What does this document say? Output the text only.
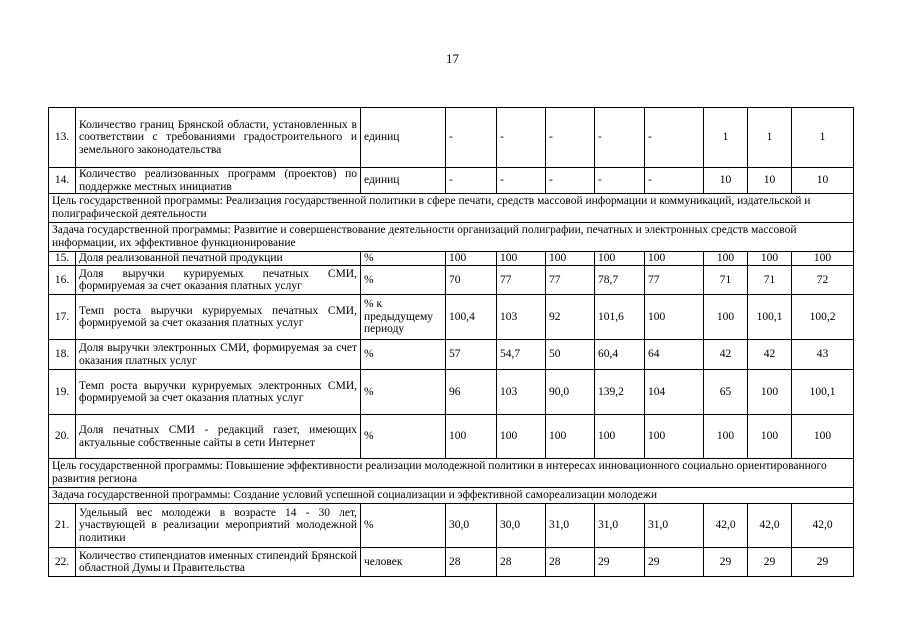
17
13.	Количество границ Брянской области, установленных в соответствии с требованиями градостроительного и земельного законодательства	единиц	-	-	-	-	-	1	1	1
14.	Количество реализованных программ (проектов) по поддержке местных инициатив	единиц	-	-	-	-	-	10	10	10
Цель государственной программы: Реализация государственной политики в сфере печати, средств массовой информации и коммуникаций, издательской и полиграфической деятельности										
Задача государственной программы: Развитие и совершенствование деятельности организаций полиграфии, печатных и электронных средств массовой информации, их эффективное функционирование										
15.	Доля реализованной печатной продукции	%	100	100	100	100	100	100	100	100
16.	Доля выручки курируемых печатных СМИ, формируемая за счет оказания платных услуг	%	70	77	77	78,7	77	71	71	72
17.	Темп роста выручки курируемых печатных СМИ, формируемой за счет оказания платных услуг	% к предыдущему периоду	100,4	103	92	101,6	100	100	100,1	100,2
18.	Доля выручки электронных СМИ, формируемая за счет оказания платных услуг	%	57	54,7	50	60,4	64	42	42	43
19.	Темп роста выручки курируемых электронных СМИ, формируемой за счет оказания платных услуг	%	96	103	90,0	139,2	104	65	100	100,1
20.	Доля печатных СМИ - редакций газет, имеющих актуальные собственные сайты в сети Интернет	%	100	100	100	100	100	100	100	100
Цель государственной программы: Повышение эффективности реализации молодежной политики в интересах инновационного социально ориентированного развития региона										
Задача государственной программы: Создание условий успешной социализации и эффективной самореализации молодежи										
21.	Удельный вес молодежи в возрасте 14 - 30 лет, участвующей в реализации мероприятий молодежной политики	%	30,0	30,0	31,0	31,0	31,0	42,0	42,0	42,0
22.	Количество стипендиатов именных стипендий Брянской областной Думы и Правительства	человек	28	28	28	29	29	29	29	29
